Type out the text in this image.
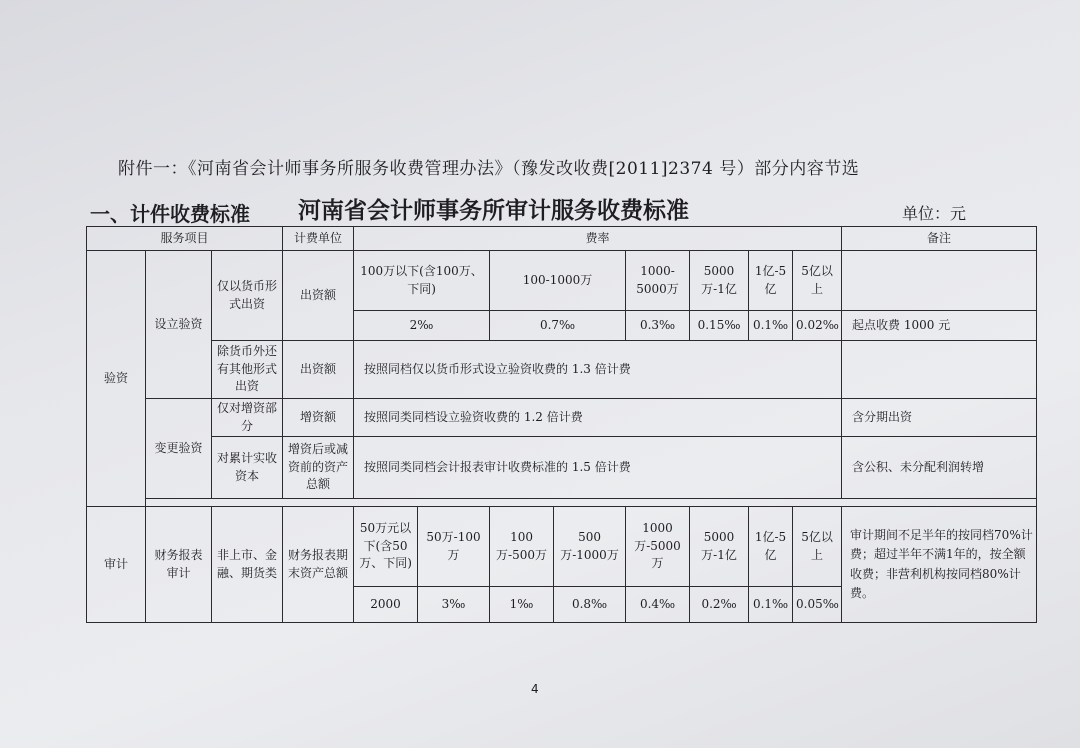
附件一：《河南省会计师事务所服务收费管理办法》（豫发改收费[2011]2374 号）部分内容节选
一、计件收费标准 河南省会计师事务所审计服务收费标准	单位：元
服务项目			计费单位	费率								备注
验资	设立验资	仅以货币形式出资	出资额	100万以下(含100万、下同)		100-1000万		1000-5000万	5000万-1亿	1亿-5亿	5亿以上	
				2‰		0.7‰		0.3‰	0.15‰	0.1‰	0.02‰	起点收费 1000 元
		除货币外还有其他形式出资	出资额	按照同档仅以货币形式设立验资收费的 1.3 倍计费								
	变更验资	仅对增资部分	增资额	按照同类同档设立验资收费的 1.2 倍计费								含分期出资
		对累计实收资本	增资后或减资前的资产总额	按照同类同档会计报表审计收费标准的 1.5 倍计费								含公积、未分配利润转增

审计	财务报表审计	非上市、金融、期货类	财务报表期末资产总额	50万元以下(含50万、下同)	50万-100万	100万-500万	500万-1000万	1000万-5000万	5000万-1亿	1亿-5亿	5亿以上	审计期间不足半年的按同档70%计费；超过半年不满1年的，按全额收费；非营利机构按同档80%计费。
				2000	3‰	1‰	0.8‰	0.4‰	0.2‰	0.1‰	0.05‰	
4
